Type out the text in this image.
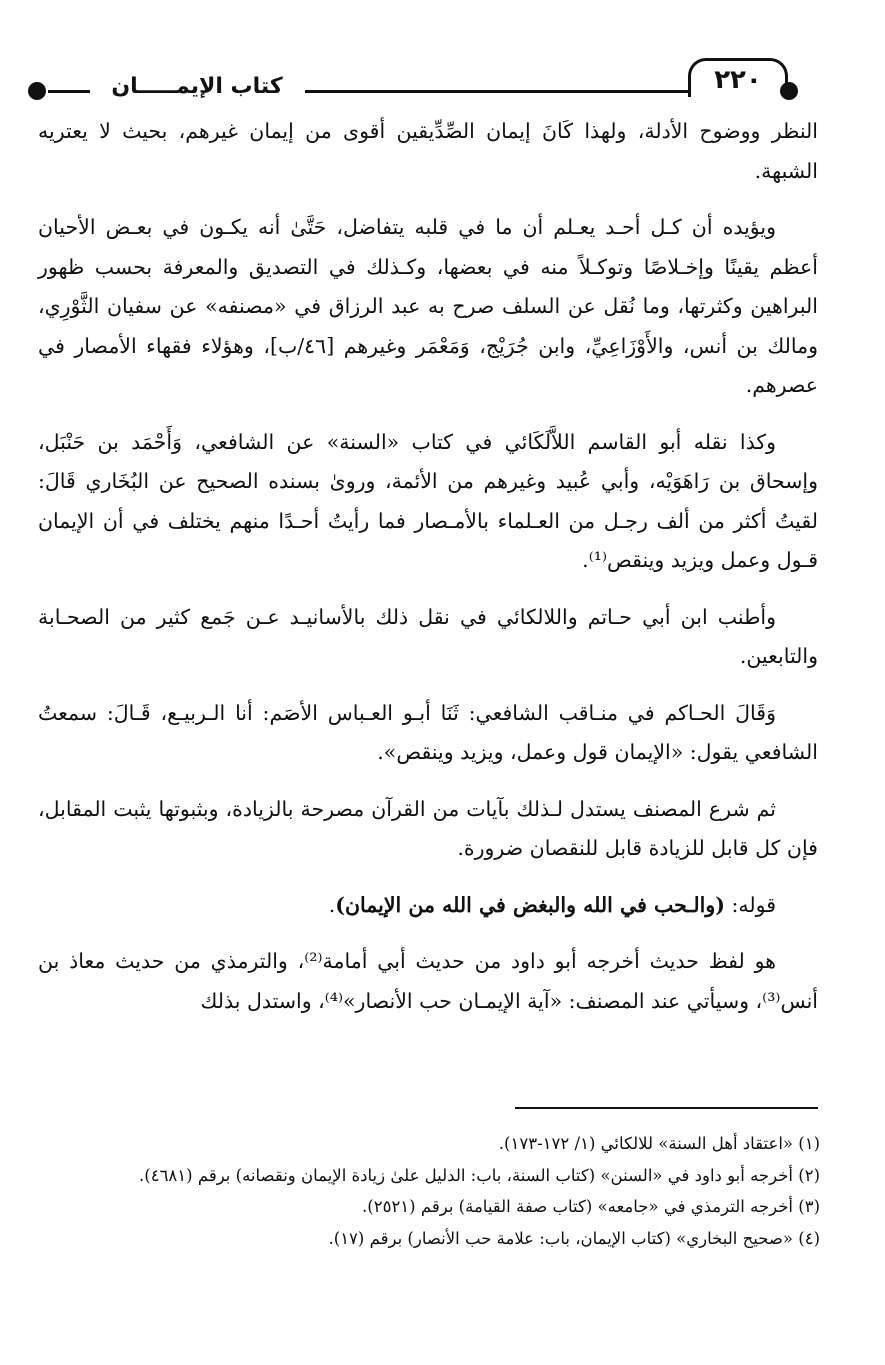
كتاب الإيمـــــان	٢٢٠

النظر ووضوح الأدلة، ولهذا كَانَ إيمان الصِّدِّيقين أقوى من إيمان غيرهم، بحيث لا يعتريه الشبهة.

ويؤيده أن كـل أحـد يعـلم أن ما في قلبه يتفاضل، حَتَّىٰ أنه يكـون في بعـض الأحيان أعظم يقينًا وإخـلاصًا وتوكـلاً منه في بعضها، وكـذلك في التصديق والمعرفة بحسب ظهور البراهين وكثرتها، وما نُقل عن السلف صرح به عبد الرزاق في «مصنفه» عن سفيان الثَّوْرِي، ومالك بن أنس، والأَوْزَاعِيِّ، وابن جُرَيْج، وَمَعْمَر وغيرهم [٤٦/ب]، وهؤلاء فقهاء الأمصار في عصرهم.

وكذا نقله أبو القاسم اللاَّلَكَائي في كتاب «السنة» عن الشافعي، وَأَحْمَد بن حَنْبَل، وإسحاق بن رَاهَوَيْه، وأبي عُبيد وغيرهم من الأئمة، وروىٰ بسنده الصحيح عن البُخَاري قَالَ: لقيتُ أكثر من ألف رجـل من العـلماء بالأمـصار فما رأيتُ أحـدًا منهم يختلف في أن الإيمان قـول وعمل ويزيد وينقص⁽¹⁾.

وأطنب ابن أبي حـاتم واللالكائي في نقل ذلك بالأسانيـد عـن جَمع كثير من الصحـابة والتابعين.

وَقَالَ الحـاكم في منـاقب الشافعي: ثَنَا أبـو العـباس الأصَم: أنا الـربيـع، قَـالَ: سمعتُ الشافعي يقول: «الإيمان قول وعمل، ويزيد وينقص».

ثم شرع المصنف يستدل لـذلك بآيات من القرآن مصرحة بالزيادة، وبثبوتها يثبت المقابل، فإن كل قابل للزيادة قابل للنقصان ضرورة.

قوله: (والـحب في الله والبغض في الله من الإيمان).

هو لفظ حديث أخرجه أبو داود من حديث أبي أمامة⁽²⁾، والترمذي من حديث معاذ بن أنس⁽³⁾، وسيأتي عند المصنف: «آية الإيمـان حب الأنصار»⁽⁴⁾، واستدل بذلك

(١) «اعتقاد أهل السنة» للالكائي (١/ ١٧٢-١٧٣).
(٢) أخرجه أبو داود في «السنن» (كتاب السنة، باب: الدليل علىٰ زيادة الإيمان ونقصانه) برقم (٤٦٨١).
(٣) أخرجه الترمذي في «جامعه» (كتاب صفة القيامة) برقم (٢٥٢١).
(٤) «صحيح البخاري» (كتاب الإيمان، باب: علامة حب الأنصار) برقم (١٧).
